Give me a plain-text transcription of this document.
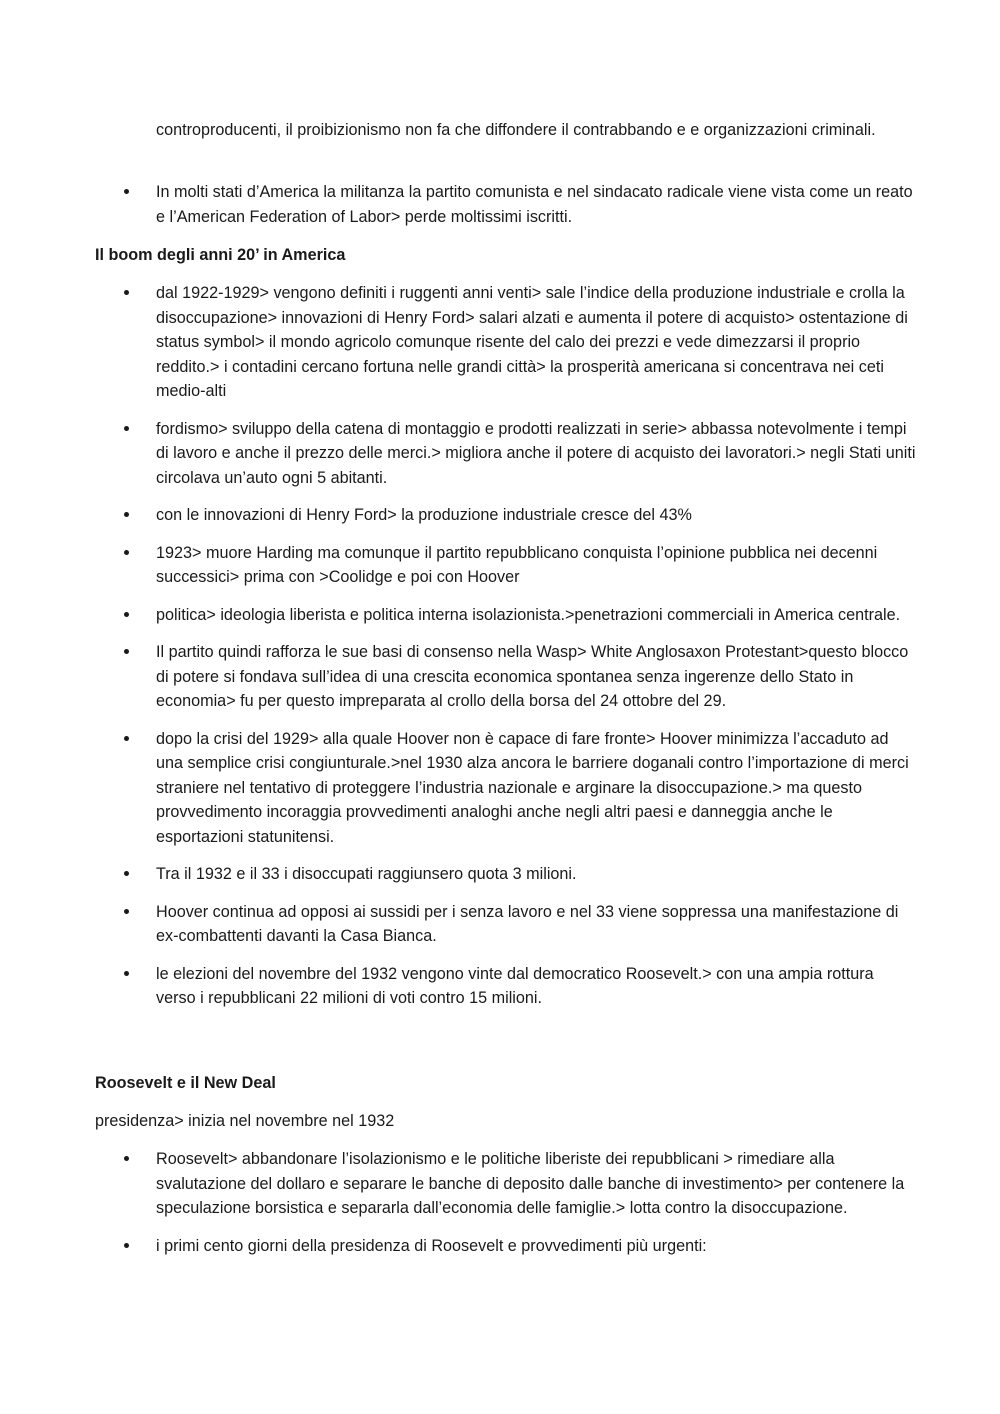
controproducenti, il proibizionismo non fa che diffondere il contrabbando e e organizzazioni criminali.

In molti stati d’America la militanza la partito comunista e nel sindacato radicale viene vista come un reato e l’American Federation of Labor> perde moltissimi iscritti.
Il boom degli anni 20’ in America
dal 1922-1929> vengono definiti i ruggenti anni venti> sale l’indice della produzione industriale e crolla la disoccupazione> innovazioni di Henry Ford> salari alzati e aumenta il potere di acquisto> ostentazione di status symbol> il mondo agricolo comunque risente del calo dei prezzi e vede dimezzarsi il proprio reddito.> i contadini cercano fortuna nelle grandi città> la prosperità americana si concentrava nei ceti medio-alti
fordismo> sviluppo della catena di montaggio e prodotti realizzati in serie> abbassa notevolmente i tempi di lavoro e anche il prezzo delle merci.> migliora anche il potere di acquisto dei lavoratori.> negli Stati uniti circolava un’auto ogni 5 abitanti.
con le innovazioni di Henry Ford> la produzione industriale cresce del 43%
1923> muore Harding ma comunque il partito repubblicano conquista l’opinione pubblica nei decenni successici> prima con >Coolidge e poi con Hoover
politica> ideologia liberista e politica interna isolazionista.>penetrazioni commerciali in America centrale.
Il partito quindi rafforza le sue basi di consenso nella Wasp> White Anglosaxon Protestant>questo blocco di potere si fondava sull’idea di una crescita economica spontanea senza ingerenze dello Stato in economia> fu per questo impreparata al crollo della borsa del 24 ottobre del 29.
dopo la crisi del 1929> alla quale Hoover non è capace di fare fronte> Hoover minimizza l’accaduto ad una semplice crisi congiunturale.>nel 1930 alza ancora le barriere doganali contro l’importazione di merci straniere nel tentativo di proteggere l’industria nazionale e arginare la disoccupazione.> ma questo provvedimento incoraggia provvedimenti analoghi anche negli altri paesi e danneggia anche le esportazioni statunitensi.
Tra il 1932 e il 33 i disoccupati raggiunsero quota 3 milioni.
Hoover continua ad opposi ai sussidi per i senza lavoro e nel 33 viene soppressa una manifestazione di ex-combattenti davanti la Casa Bianca.
le elezioni del novembre del 1932 vengono vinte dal democratico Roosevelt.> con una ampia rottura verso i repubblicani 22 milioni di voti contro 15 milioni.
Roosevelt e il New Deal

presidenza> inizia nel novembre nel 1932

Roosevelt> abbandonare l’isolazionismo e le politiche liberiste dei repubblicani > rimediare alla svalutazione del dollaro e separare le banche di deposito dalle banche di investimento> per contenere la speculazione borsistica e separarla dall’economia delle famiglie.> lotta contro la disoccupazione.
i primi cento giorni della presidenza di Roosevelt e provvedimenti più urgenti:
